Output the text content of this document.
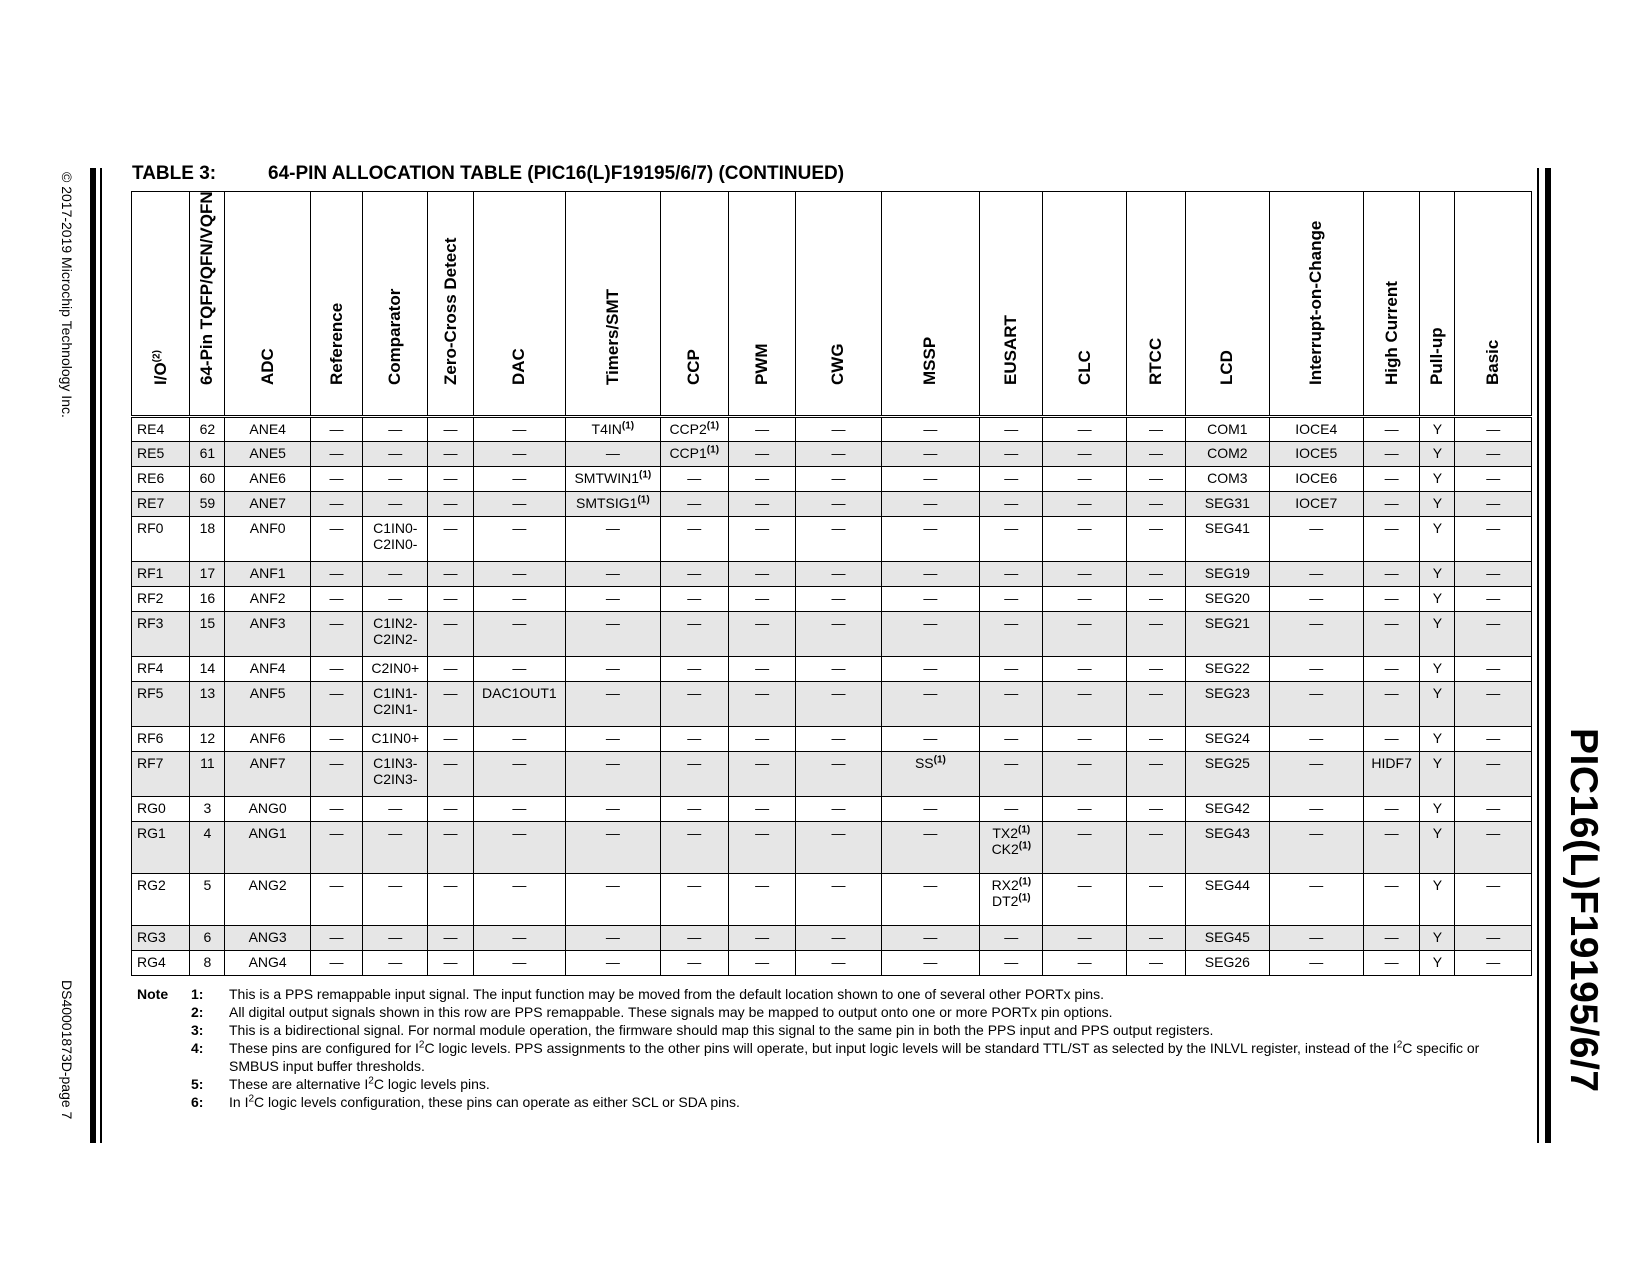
© 2017-2019 Microchip Technology Inc.
DS40001873D-page 7	PIC16(L)F19195/6/7
TABLE 3:	64-PIN ALLOCATION TABLE (PIC16(L)F19195/6/7) (CONTINUED)
$I/O^{(2)}$	64-Pin TQFP/QFN/VQFN	ADC	Reference	Comparator	Zero-Cross Detect	DAC	Timers/SMT	CCP	PWM	CWG	MSSP	EUSART	CLC	RTCC	LCD	Interrupt-on-Change	High Current	Pull-up	Basic

RE4	62	ANE4	—	—	—	—	T4IN$^{(1)}$	CCP2$^{(1)}$	—	—	—	—	—	—	COM1	IOCE4	—	Y	—
RE5	61	ANE5	—	—	—	—	—	CCP1$^{(1)}$	—	—	—	—	—	—	COM2	IOCE5	—	Y	—
RE6	60	ANE6	—	—	—	—	SMTWIN1$^{(1)}$	—	—	—	—	—	—	—	COM3	IOCE6	—	Y	—
RE7	59	ANE7	—	—	—	—	SMTSIG1$^{(1)}$	—	—	—	—	—	—	—	SEG31	IOCE7	—	Y	—
RF0	18	ANF0	—	C1IN0-
C2IN0-	—	—	—	—	—	—	—	—	—	—	SEG41	—	—	Y	—
RF1	17	ANF1	—	—	—	—	—	—	—	—	—	—	—	—	SEG19	—	—	Y	—
RF2	16	ANF2	—	—	—	—	—	—	—	—	—	—	—	—	SEG20	—	—	Y	—
RF3	15	ANF3	—	C1IN2-
C2IN2-	—	—	—	—	—	—	—	—	—	—	SEG21	—	—	Y	—
RF4	14	ANF4	—	C2IN0+	—	—	—	—	—	—	—	—	—	—	SEG22	—	—	Y	—
RF5	13	ANF5	—	C1IN1-
C2IN1-	—	DAC1OUT1	—	—	—	—	—	—	—	—	SEG23	—	—	Y	—
RF6	12	ANF6	—	C1IN0+	—	—	—	—	—	—	—	—	—	—	SEG24	—	—	Y	—
RF7	11	ANF7	—	C1IN3-
C2IN3-	—	—	—	—	—	—	SS$^{(1)}$	—	—	—	SEG25	—	HIDF7	Y	—
RG0	3	ANG0	—	—	—	—	—	—	—	—	—	—	—	—	SEG42	—	—	Y	—
RG1	4	ANG1	—	—	—	—	—	—	—	—	—	TX2$^{(1)}$
CK2$^{(1)}$	—	—	SEG43	—	—	Y	—
RG2	5	ANG2	—	—	—	—	—	—	—	—	—	RX2$^{(1)}$
DT2$^{(1)}$	—	—	SEG44	—	—	Y	—
RG3	6	ANG3	—	—	—	—	—	—	—	—	—	—	—	—	SEG45	—	—	Y	—
RG4	8	ANG4	—	—	—	—	—	—	—	—	—	—	—	—	SEG26	—	—	Y	—
Note	1:	This is a PPS remappable input signal. The input function may be moved from the default location shown to one of several other PORTx pins.
2:	All digital output signals shown in this row are PPS remappable. These signals may be mapped to output onto one or more PORTx pin options.
3:	This is a bidirectional signal. For normal module operation, the firmware should map this signal to the same pin in both the PPS input and PPS output registers.
4:	These pins are configured for $I^2C$ logic levels. PPS assignments to the other pins will operate, but input logic levels will be standard TTL/ST as selected by the INLVL register, instead of the $I^2C$ specific or SMBUS input buffer thresholds.
5:	These are alternative $I^2C$ logic levels pins.
6:	In $I^2C$ logic levels configuration, these pins can operate as either SCL or SDA pins.
